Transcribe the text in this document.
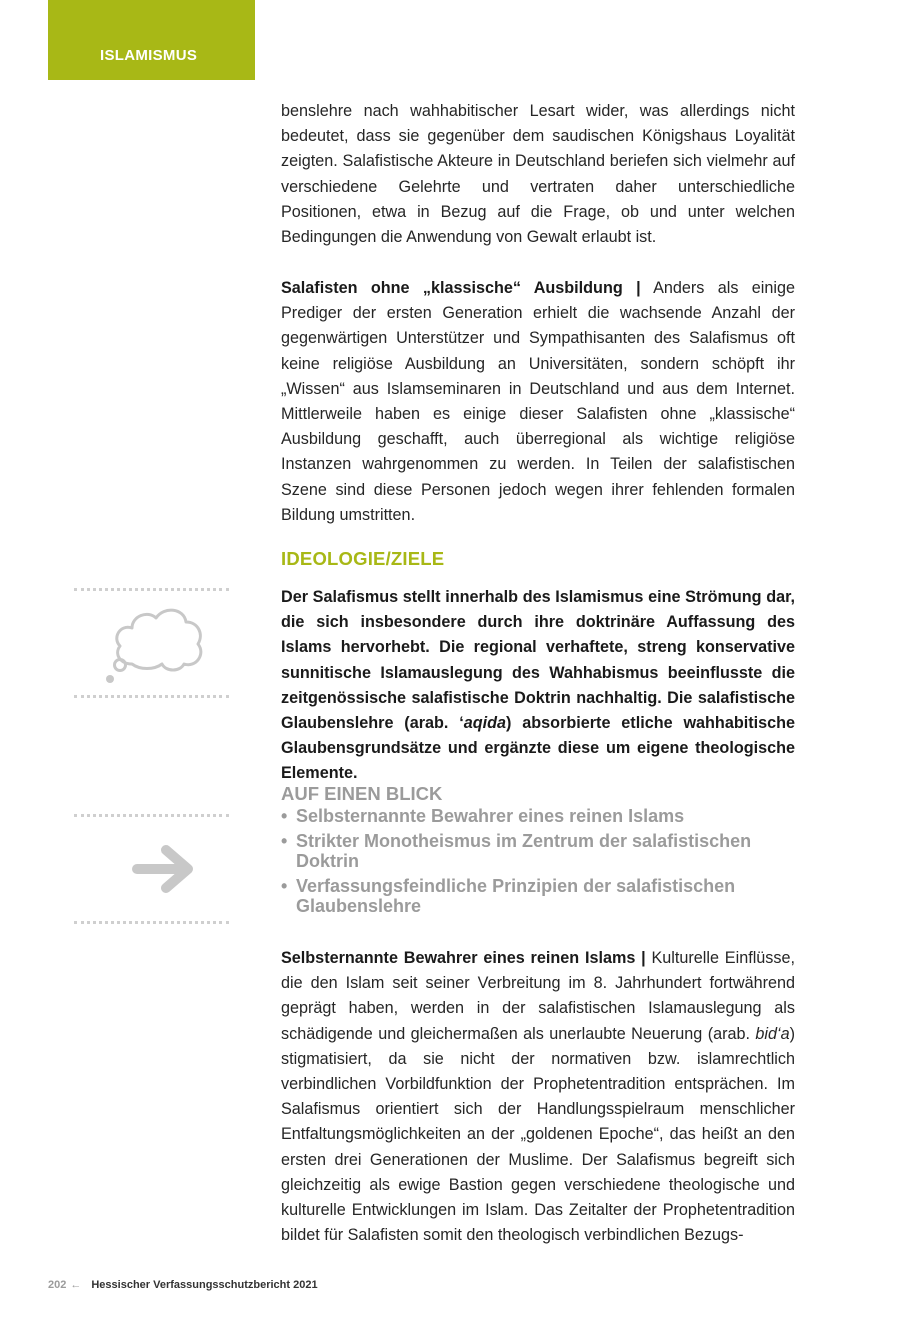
ISLAMISMUS

benslehre nach wahhabitischer Lesart wider, was allerdings nicht bedeutet, dass sie gegenüber dem saudischen Königshaus Loyalität zeigten. Salafistische Akteure in Deutschland beriefen sich vielmehr auf verschiedene Gelehrte und vertraten daher unterschiedliche Positionen, etwa in Bezug auf die Frage, ob und unter welchen Bedingungen die Anwendung von Gewalt erlaubt ist.

Salafisten ohne „klassische“ Ausbildung | Anders als einige Prediger der ersten Generation erhielt die wachsende Anzahl der gegenwärtigen Unterstützer und Sympathisanten des Salafismus oft keine religiöse Ausbildung an Universitäten, sondern schöpft ihr „Wissen“ aus Islamseminaren in Deutschland und aus dem Internet. Mittlerweile haben es einige dieser Salafisten ohne „klassische“ Ausbildung geschafft, auch überregional als wichtige religiöse Instanzen wahrgenommen zu werden. In Teilen der salafistischen Szene sind diese Personen jedoch wegen ihrer fehlenden formalen Bildung umstritten.

IDEOLOGIE/ZIELE

Der Salafismus stellt innerhalb des Islamismus eine Strömung dar, die sich insbesondere durch ihre doktrinäre Auffassung des Islams hervorhebt. Die regional verhaftete, streng konservative sunnitische Islamauslegung des Wahhabismus beeinflusste die zeitgenössische salafistische Doktrin nachhaltig. Die salafistische Glaubenslehre (arab. ‘aqida) absorbierte etliche wahhabitische Glaubensgrundsätze und ergänzte diese um eigene theologische Elemente.

AUF EINEN BLICK
• Selbsternannte Bewahrer eines reinen Islams
• Strikter Monotheismus im Zentrum der salafistischen Doktrin
• Verfassungsfeindliche Prinzipien der salafistischen Glaubenslehre

Selbsternannte Bewahrer eines reinen Islams | Kulturelle Einflüsse, die den Islam seit seiner Verbreitung im 8. Jahrhundert fortwährend geprägt haben, werden in der salafistischen Islamauslegung als schädigende und gleichermaßen als unerlaubte Neuerung (arab. bid‘a) stigmatisiert, da sie nicht der normativen bzw. islamrechtlich verbindlichen Vorbildfunktion der Prophetentradition entsprächen. Im Salafismus orientiert sich der Handlungsspielraum menschlicher Entfaltungsmöglichkeiten an der „goldenen Epoche“, das heißt an den ersten drei Generationen der Muslime. Der Salafismus begreift sich gleichzeitig als ewige Bastion gegen verschiedene theologische und kulturelle Entwicklungen im Islam. Das Zeitalter der Prophetentradition bildet für Salafisten somit den theologisch verbindlichen Bezugs-

202 ← Hessischer Verfassungsschutzbericht 2021
